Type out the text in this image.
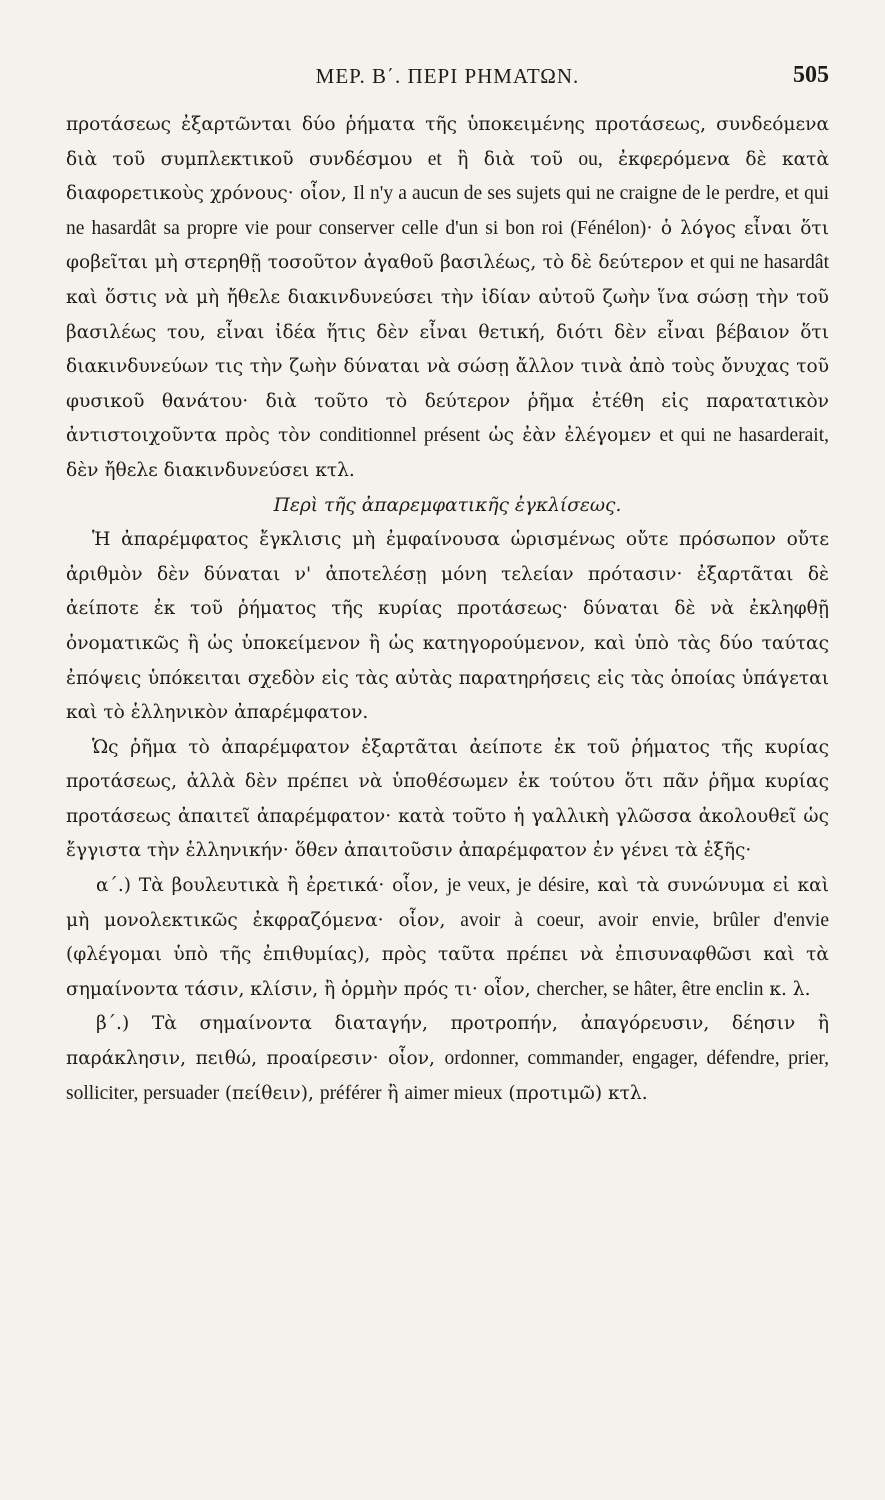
ΜΕΡ. Β΄. ΠΕΡΙ ΡΗΜΑΤΩΝ.	505

προτάσεως ἐξαρτῶνται δύο ῥήματα τῆς ὑποκειμένης προτάσεως, συνδεόμενα διὰ τοῦ συμπλεκτικοῦ συνδέσμου et ἢ διὰ τοῦ ou, ἐκφερόμενα δὲ κατὰ διαφορετικοὺς χρόνους· οἷον, Il n'y a aucun de ses sujets qui ne craigne de le perdre, et qui ne hasardât sa propre vie pour conserver celle d'un si bon roi (Fénélon)· ὁ λόγος εἶναι ὅτι φοβεῖται μὴ στερηθῇ τοσοῦτον ἀγαθοῦ βασιλέως, τὸ δὲ δεύτερον et qui ne hasardât καὶ ὅστις νὰ μὴ ἤθελε διακινδυνεύσει τὴν ἰδίαν αὐτοῦ ζωὴν ἵνα σώσῃ τὴν τοῦ βασιλέως του, εἶναι ἰδέα ἥτις δὲν εἶναι θετική, διότι δὲν εἶναι βέβαιον ὅτι διακινδυνεύων τις τὴν ζωὴν δύναται νὰ σώσῃ ἄλλον τινὰ ἀπὸ τοὺς ὄνυχας τοῦ φυσικοῦ θανάτου· διὰ τοῦτο τὸ δεύτερον ῥῆμα ἐτέθη εἰς παρατατικὸν ἀντιστοιχοῦντα πρὸς τὸν conditionnel présent ὡς ἐὰν ἐλέγομεν et qui ne hasarderait, δὲν ἤθελε διακινδυνεύσει κτλ.

Περὶ τῆς ἀπαρεμφατικῆς ἐγκλίσεως.

Ἡ ἀπαρέμφατος ἔγκλισις μὴ ἐμφαίνουσα ὡρισμένως οὔτε πρόσωπον οὔτε ἀριθμὸν δὲν δύναται ν' ἀποτελέσῃ μόνη τελείαν πρότασιν· ἐξαρτᾶται δὲ ἀείποτε ἐκ τοῦ ῥήματος τῆς κυρίας προτάσεως· δύναται δὲ νὰ ἐκληφθῇ ὀνοματικῶς ἢ ὡς ὑποκείμενον ἢ ὡς κατηγορούμενον, καὶ ὑπὸ τὰς δύο ταύτας ἐπόψεις ὑπόκειται σχεδὸν εἰς τὰς αὐτὰς παρατηρήσεις εἰς τὰς ὁποίας ὑπάγεται καὶ τὸ ἑλληνικὸν ἀπαρέμφατον.

Ὡς ῥῆμα τὸ ἀπαρέμφατον ἐξαρτᾶται ἀείποτε ἐκ τοῦ ῥήματος τῆς κυρίας προτάσεως, ἀλλὰ δὲν πρέπει νὰ ὑποθέσωμεν ἐκ τούτου ὅτι πᾶν ῥῆμα κυρίας προτάσεως ἀπαιτεῖ ἀπαρέμφατον· κατὰ τοῦτο ἡ γαλλικὴ γλῶσσα ἀκολουθεῖ ὡς ἔγγιστα τὴν ἑλληνικήν· ὅθεν ἀπαιτοῦσιν ἀπαρέμφατον ἐν γένει τὰ ἑξῆς·

α΄.) Τὰ βουλευτικὰ ἢ ἐρετικά· οἷον, je veux, je désire, καὶ τὰ συνώνυμα εἰ καὶ μὴ μονολεκτικῶς ἐκφραζόμενα· οἷον, avoir à coeur, avoir envie, brûler d'envie (φλέγομαι ὑπὸ τῆς ἐπιθυμίας), πρὸς ταῦτα πρέπει νὰ ἐπισυναφθῶσι καὶ τὰ σημαίνοντα τάσιν, κλίσιν, ἢ ὁρμὴν πρός τι· οἷον, chercher, se hâter, être enclin κ. λ.

β΄.) Τὰ σημαίνοντα διαταγήν, προτροπήν, ἀπαγόρευσιν, δέησιν ἢ παράκλησιν, πειθώ, προαίρεσιν· οἷον, ordonner, commander, engager, défendre, prier, solliciter, persuader (πείθειν), préférer ἢ aimer mieux (προτιμῶ) κτλ.
